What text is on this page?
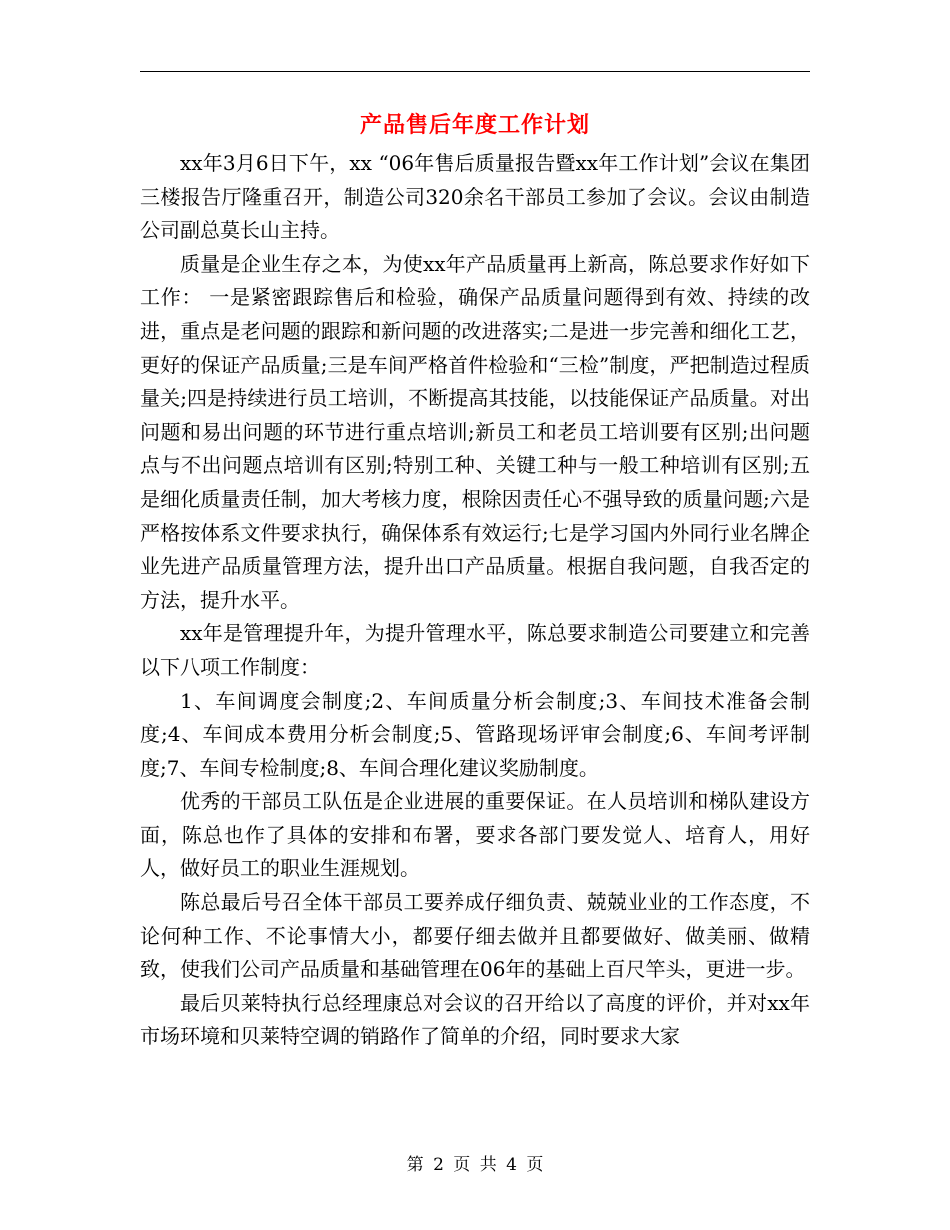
产品售后年度工作计划

xx年3月6日下午，xx “06年售后质量报告暨xx年工作计划”会议在集团三楼报告厅隆重召开，制造公司320余名干部员工参加了会议。会议由制造公司副总莫长山主持。

质量是企业生存之本，为使xx年产品质量再上新高，陈总要求作好如下工作： 一是紧密跟踪售后和检验，确保产品质量问题得到有效、持续的改进，重点是老问题的跟踪和新问题的改进落实;二是进一步完善和细化工艺，更好的保证产品质量;三是车间严格首件检验和“三检”制度，严把制造过程质量关;四是持续进行员工培训，不断提高其技能，以技能保证产品质量。对出问题和易出问题的环节进行重点培训;新员工和老员工培训要有区别;出问题点与不出问题点培训有区别;特别工种、关键工种与一般工种培训有区别;五是细化质量责任制，加大考核力度，根除因责任心不强导致的质量问题;六是严格按体系文件要求执行，确保体系有效运行;七是学习国内外同行业名牌企业先进产品质量管理方法，提升出口产品质量。根据自我问题，自我否定的方法，提升水平。

xx年是管理提升年，为提升管理水平，陈总要求制造公司要建立和完善以下八项工作制度：

1、车间调度会制度;2、车间质量分析会制度;3、车间技术准备会制度;4、车间成本费用分析会制度;5、管路现场评审会制度;6、车间考评制度;7、车间专检制度;8、车间合理化建议奖励制度。

优秀的干部员工队伍是企业进展的重要保证。在人员培训和梯队建设方面，陈总也作了具体的安排和布署，要求各部门要发觉人、培育人，用好人，做好员工的职业生涯规划。

陈总最后号召全体干部员工要养成仔细负责、兢兢业业的工作态度，不论何种工作、不论事情大小，都要仔细去做并且都要做好、做美丽、做精致，使我们公司产品质量和基础管理在06年的基础上百尺竿头，更进一步。

最后贝莱特执行总经理康总对会议的召开给以了高度的评价，并对xx年市场环境和贝莱特空调的销路作了简单的介绍，同时要求大家

第 2 页 共 4 页
